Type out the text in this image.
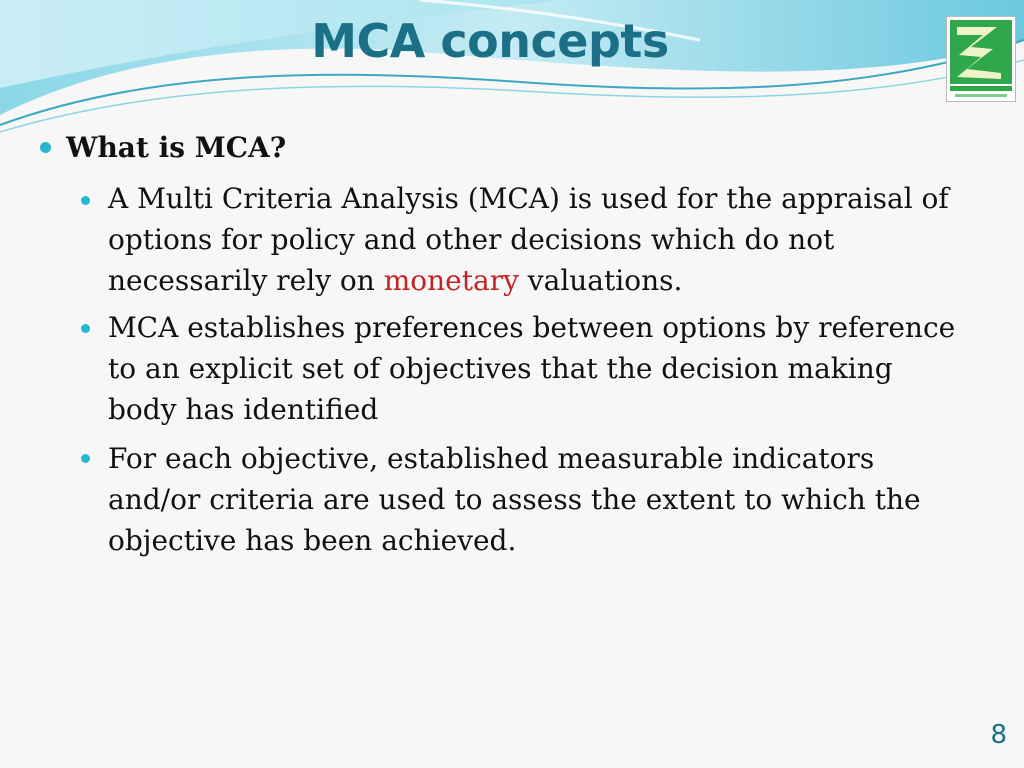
MCA concepts
What is MCA?
A Multi Criteria Analysis (MCA) is used for the appraisal of options for policy and other decisions which do not necessarily rely on monetary valuations.
MCA establishes preferences between options by reference to an explicit set of objectives that the decision making body has identified
For each objective, established measurable indicators and/or criteria are used to assess the extent to which the objective has been achieved.
8
